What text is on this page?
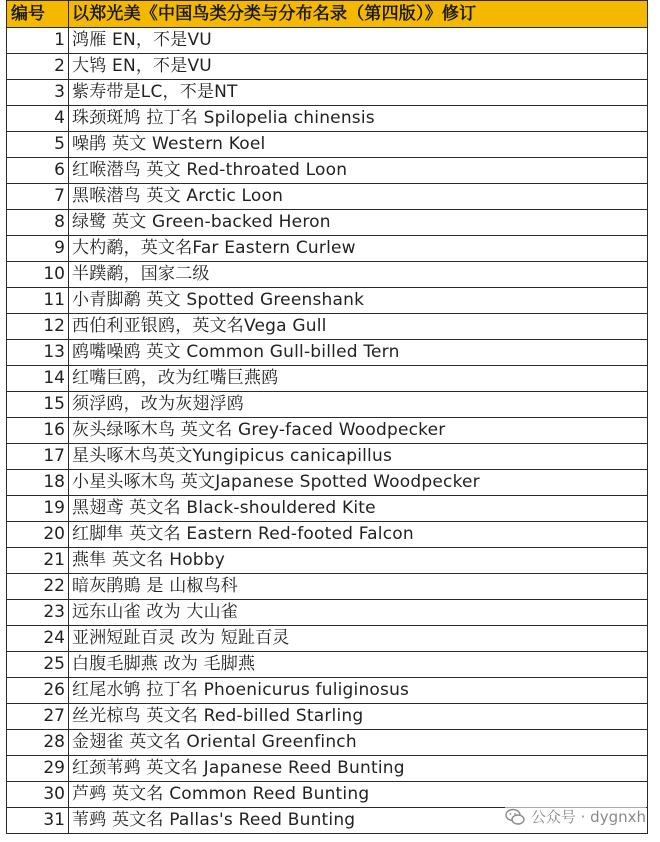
编号	以郑光美《中国鸟类分类与分布名录（第四版）》修订
1	鸿雁 EN，不是VU
2	大鸨 EN，不是VU
3	紫寿带是LC，不是NT
4	珠颈斑鸠 拉丁名 Spilopelia chinensis
5	噪鹃 英文 Western Koel
6	红喉潜鸟 英文 Red-throated Loon
7	黑喉潜鸟 英文 Arctic Loon
8	绿鹭 英文 Green-backed Heron
9	大杓鹬，英文名Far Eastern Curlew
10	半蹼鹬，国家二级
11	小青脚鹬 英文 Spotted Greenshank
12	西伯利亚银鸥，英文名Vega Gull
13	鸥嘴噪鸥 英文 Common Gull-billed Tern
14	红嘴巨鸥，改为红嘴巨燕鸥
15	须浮鸥，改为灰翅浮鸥
16	灰头绿啄木鸟 英文名 Grey-faced Woodpecker
17	星头啄木鸟英文Yungipicus canicapillus
18	小星头啄木鸟 英文Japanese Spotted Woodpecker
19	黑翅鸢 英文名 Black-shouldered Kite
20	红脚隼 英文名 Eastern Red-footed Falcon
21	燕隼 英文名 Hobby
22	暗灰鹃鵙 是 山椒鸟科
23	远东山雀 改为 大山雀
24	亚洲短趾百灵 改为 短趾百灵
25	白腹毛脚燕 改为 毛脚燕
26	红尾水鸲 拉丁名 Phoenicurus fuliginosus
27	丝光椋鸟 英文名 Red-billed Starling
28	金翅雀 英文名 Oriental Greenfinch
29	红颈苇鹀 英文名 Japanese Reed Bunting
30	芦鹀 英文名 Common Reed Bunting
31	苇鹀 英文名 Pallas's Reed Bunting	公众号 · dygnxh
